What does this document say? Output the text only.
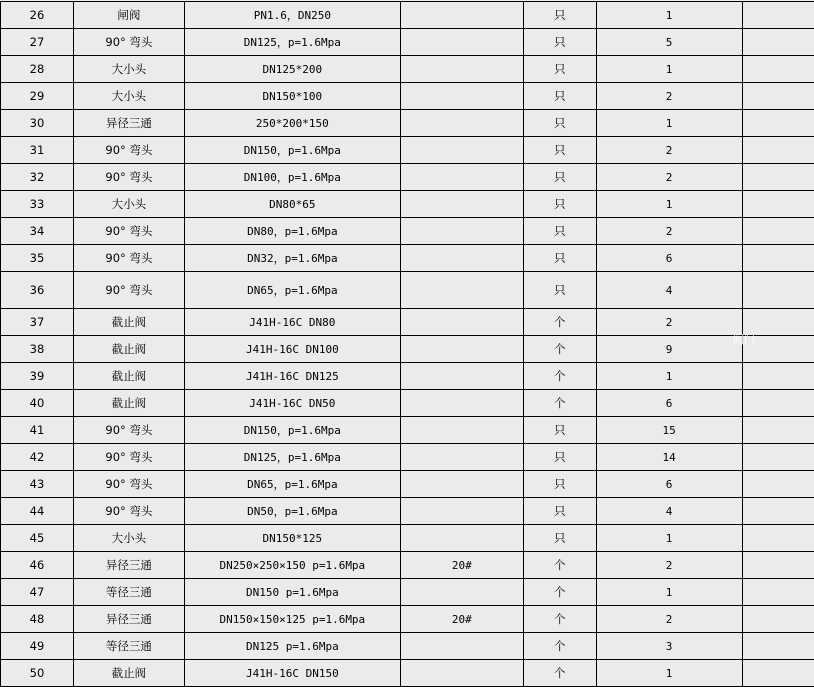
26	闸阀	PN1.6，DN250		只	1	
27	90° 弯头	DN125，p=1.6Mpa		只	5	
28	大小头	DN125*200		只	1	
29	大小头	DN150*100		只	2	
30	异径三通	250*200*150		只	1	
31	90° 弯头	DN150，p=1.6Mpa		只	2	
32	90° 弯头	DN100，p=1.6Mpa		只	2	
33	大小头	DN80*65		只	1	
34	90° 弯头	DN80，p=1.6Mpa		只	2	
35	90° 弯头	DN32，p=1.6Mpa		只	6	
36	90° 弯头	DN65，p=1.6Mpa		只	4	
37	截止阀	J41H-16C DN80		个	2	
38	截止阀	J41H-16C DN100		个	9	
39	截止阀	J41H-16C DN125		个	1	
40	截止阀	J41H-16C DN50		个	6	
41	90° 弯头	DN150，p=1.6Mpa		只	15	
42	90° 弯头	DN125，p=1.6Mpa		只	14	
43	90° 弯头	DN65，p=1.6Mpa		只	6	
44	90° 弯头	DN50，p=1.6Mpa		只	4	
45	大小头	DN150*125		只	1	
46	异径三通	DN250×250×150 p=1.6Mpa	20#	个	2	
47	等径三通	DN150 p=1.6Mpa		个	1	
48	异径三通	DN150×150×125 p=1.6Mpa	20#	个	2	
49	等径三通	DN125 p=1.6Mpa		个	3	
50	截止阀	J41H-16C DN150		个	1	
阀门
